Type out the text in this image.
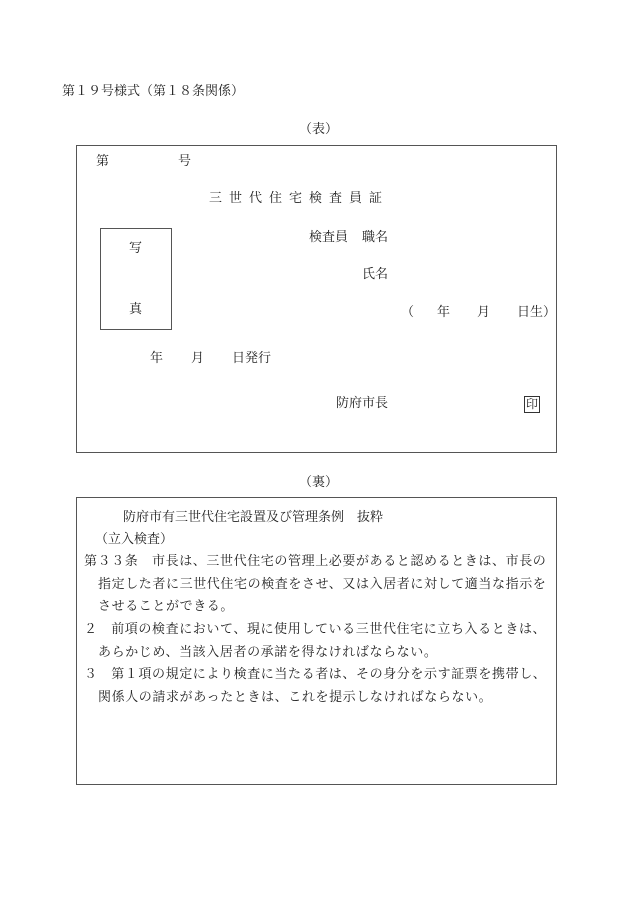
第１９号様式（第１８条関係）
（表）
第	号
三世代住宅検査員証
写
真
検査員 職名
氏名
（ 年 月 日生）
年 月 日発行
防府市長	印
（裏）
防府市有三世代住宅設置及び管理条例　抜粋
（立入検査）
第３３条　市長は、三世代住宅の管理上必要があると認めるときは、市長の指定した者に三世代住宅の検査をさせ、又は入居者に対して適当な指示をさせることができる。
２　前項の検査において、現に使用している三世代住宅に立ち入るときは、あらかじめ、当該入居者の承諾を得なければならない。
３　第１項の規定により検査に当たる者は、その身分を示す証票を携帯し、関係人の請求があったときは、これを提示しなければならない。
